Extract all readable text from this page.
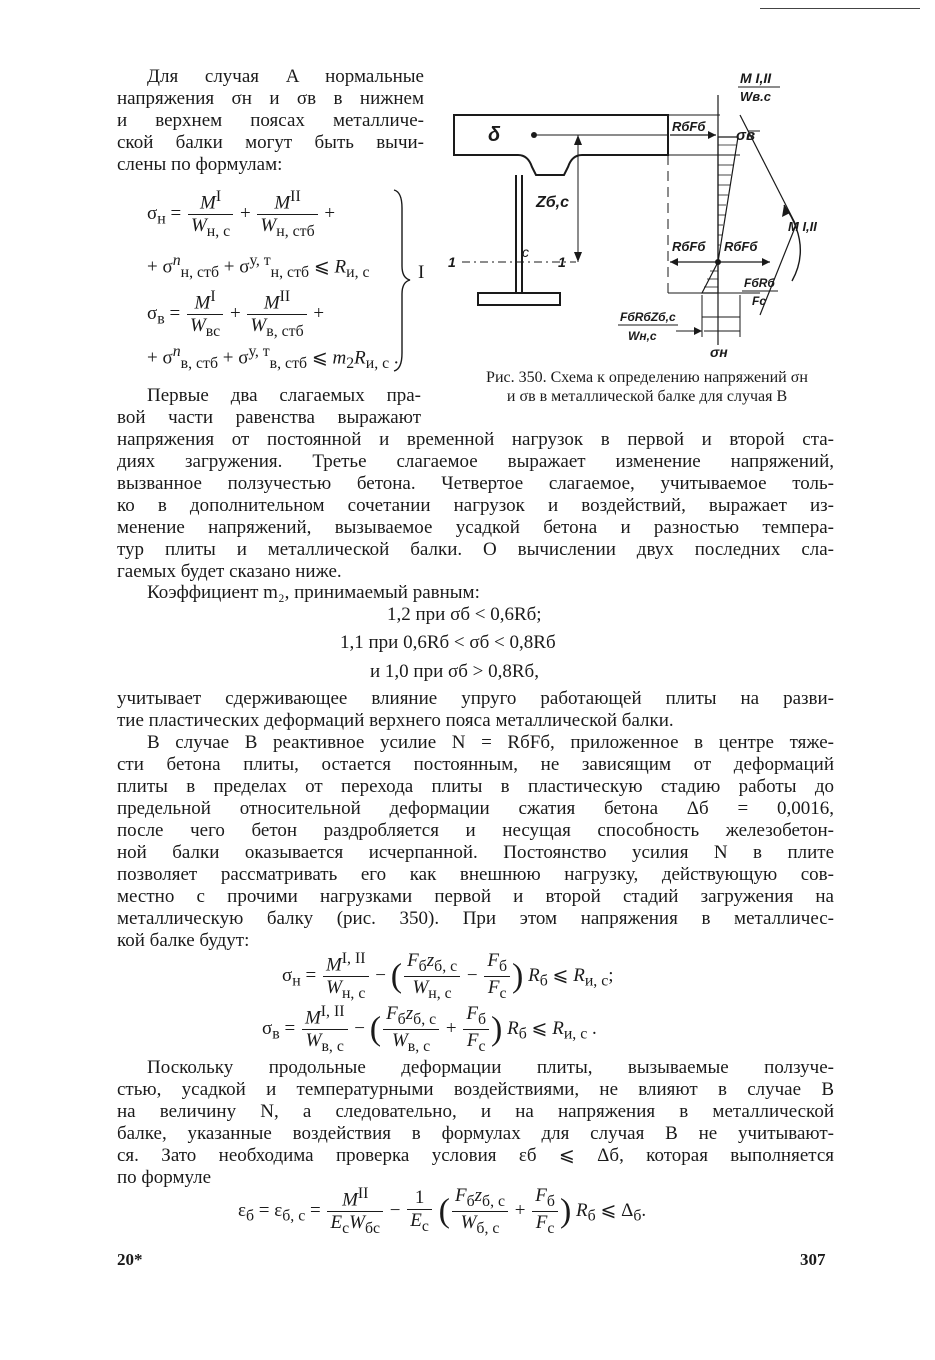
Для случая A нормальные
напряжения σн и σв в нижнем
и верхнем поясах металличе-
ской балки могут быть вычи-
слены по формулам:
$\sigma_н = \frac{M^I}{W_{н, с}} + \frac{M^{II}}{W_{н, стб}}$ +
+ $\sigma^n_{н, стб} + \sigma^{у, т}_{н, стб}$ ⩽ $R_{и, с}$
$\sigma_в = \frac{M^I}{W_{вс}} + \frac{M^{II}}{W_{в, стб}}$ +
+ $\sigma^n_{в, стб} + \sigma^{у, т}_{в, стб}$ ⩽ $m_2R_{и, с}$ .
I
M I,II
Wв.с
RбFб
σв
δ
Zб,с
c
1	1
RбFб RбFб
M I,II
FбRб
Fc
FбRбZб,с
Wн,с
σн
Рис. 350. Схема к определению напряжений σн
и σв в металлической балке для случая B
Первые два слагаемых пра-
вой части равенства выражают
напряжения от постоянной и временной нагрузок в первой и второй ста-
диях загружения. Третье слагаемое выражает изменение напряжений,
вызванное ползучестью бетона. Четвертое слагаемое, учитываемое толь-
ко в дополнительном сочетании нагрузок и воздействий, выражает из-
менение напряжений, вызываемое усадкой бетона и разностью темпера-
тур плиты и металлической балки. О вычислении двух последних сла-
гаемых будет сказано ниже.
Коэффициент m₂, принимаемый равным:
1,2 при σб < 0,6Rб;
1,1 при 0,6Rб < σб < 0,8Rб
и 1,0 при σб > 0,8Rб,
учитывает сдерживающее влияние упруго работающей плиты на разви-
тие пластических деформаций верхнего пояса металлической балки.
В случае B реактивное усилие N = RбFб, приложенное в центре тяже-
сти бетона плиты, остается постоянным, не зависящим от деформаций
плиты в пределах от перехода плиты в пластическую стадию работы до
предельной относительной деформации сжатия бетона Δб = 0,0016,
после чего бетон раздробляется и несущая способность железобетон-
ной балки оказывается исчерпанной. Постоянство усилия N в плите
позволяет рассматривать его как внешнюю нагрузку, действующую сов-
местно с прочими нагрузками первой и второй стадий загружения на
металлическую балку (рис. 350). При этом напряжения в металличес-
кой балке будут:
$\sigma_н = \frac{M^{I, II}}{W_{н, с}}$ − ( $\frac{F_бz_{б, с}}{W_{н, с}} - \frac{F_б}{F_с}$ ) $R_б$ ⩽ $R_{и, с}$;
$\sigma_в = \frac{M^{I, II}}{W_{в, с}}$ − ( $\frac{F_бz_{б, с}}{W_{в, с}} + \frac{F_б}{F_с}$ ) $R_б$ ⩽ $R_{и, с}$ .
Поскольку продольные деформации плиты, вызываемые ползуче-
стью, усадкой и температурными воздействиями, не влияют в случае B
на величину N, а следовательно, и на напряжения в металлической
балке, указанные воздействия в формулах для случая B не учитывают-
ся. Зато необходима проверка условия εб ⩽ Δб, которая выполняется
по формуле
$\varepsilon_б = \varepsilon_{б, с} = \frac{M^{II}}{E_сW_{бс}} - \frac{1}{E_с}$ ( $\frac{F_бz_{б, с}}{W_{б, с}} + \frac{F_б}{F_с}$ ) $R_б$ ⩽ $\Delta_б$.
20*	307
